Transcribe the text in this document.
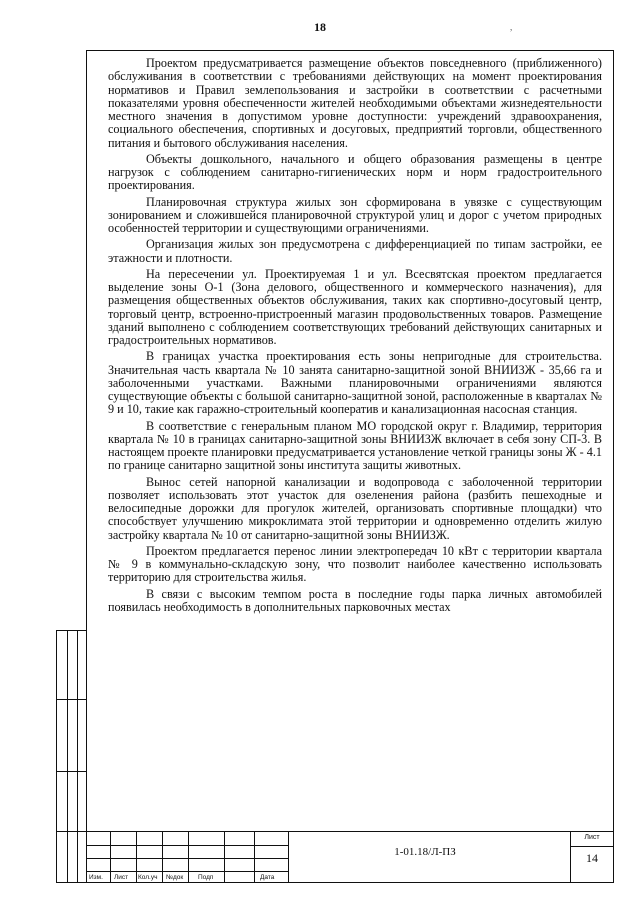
18	,

Проектом предусматривается размещение объектов повседневного (приближенного) обслуживания в соответствии с требованиями действующих на момент проектирования нормативов и Правил землепользования и застройки в соответствии с расчетными показателями уровня обеспеченности жителей необходимыми объектами жизнедеятельности местного значения в допустимом уровне доступности: учреждений здравоохранения, социального обеспечения, спортивных и досуговых, предприятий торговли, общественного питания и бытового обслуживания населения.

Объекты дошкольного, начального и общего образования размещены в центре нагрузок с соблюдением санитарно-гигиенических норм и норм градостроительного проектирования.

Планировочная структура жилых зон сформирована в увязке с существующим зонированием и сложившейся планировочной структурой улиц и дорог с учетом природных особенностей территории и существующими ограничениями.

Организация жилых зон предусмотрена с дифференциацией по типам застройки, ее этажности и плотности.

На пересечении ул. Проектируемая 1 и ул. Всесвятская проектом предлагается выделение зоны О-1 (Зона делового, общественного и коммерческого назначения), для размещения общественных объектов обслуживания, таких как спортивно-досуговый центр, торговый центр, встроенно-пристроенный магазин продовольственных товаров. Размещение зданий выполнено с соблюдением соответствующих требований действующих санитарных и градостроительных нормативов.

В границах участка проектирования есть зоны непригодные для строительства. Значительная часть квартала № 10 занята санитарно-защитной зоной ВНИИЗЖ - 35,66 га и заболоченными участками. Важными планировочными ограничениями являются существующие объекты с большой санитарно-защитной зоной, расположенные в кварталах № 9 и 10, такие как гаражно-строительный кооператив и канализационная насосная станция.

В соответствие с генеральным планом МО городской округ г. Владимир, территория квартала № 10 в границах санитарно-защитной зоны ВНИИЗЖ включает в себя зону СП-3. В настоящем проекте планировки предусматривается установление четкой границы зоны Ж - 4.1 по границе санитарно защитной зоны института защиты животных.

Вынос сетей напорной канализации и водопровода с заболоченной территории позволяет использовать этот участок для озеленения района (разбить пешеходные и велосипедные дорожки для прогулок жителей, организовать спортивные площадки) что способствует улучшению микроклимата этой территории и одновременно отделить жилую застройку квартала № 10 от санитарно-защитной зоны ВНИИЗЖ.

Проектом предлагается перенос линии электропередач 10 кВт с территории квартала № 9 в коммунально-складскую зону, что позволит наиболее качественно использовать территорию для строительства жилья.

В связи с высоким темпом роста в последние годы парка личных автомобилей появилась необходимость в дополнительных парковочных местах

Изм. Лист Кол.уч №док Подп	Дата
1-01.18/Л-ПЗ
Лист
14
